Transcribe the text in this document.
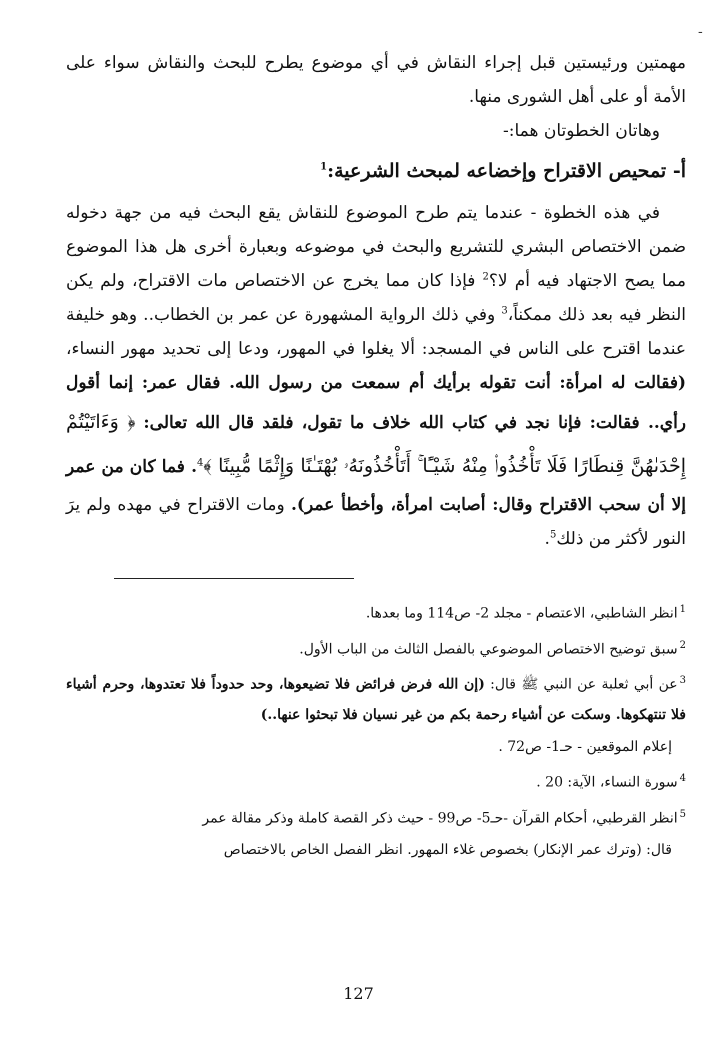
-

مهمتين ورئيستين قبل إجراء النقاش في أي موضوع يطرح للبحث والنقاش سواء على الأمة أو على أهل الشورى منها.

وهاتان الخطوتان هما:-

أ- تمحيص الاقتراح وإخضاعه لمبحث الشرعية:$^1$

في هذه الخطوة - عندما يتم طرح الموضوع للنقاش يقع البحث فيه من جهة دخوله ضمن الاختصاص البشري للتشريع والبحث في موضوعه وبعبارة أخرى هل هذا الموضوع مما يصح الاجتهاد فيه أم لا؟$^2$ فإذا كان مما يخرج عن الاختصاص مات الاقتراح، ولم يكن النظر فيه بعد ذلك ممكناً،$^3$ وفي ذلك الرواية المشهورة عن عمر بن الخطاب.. وهو خليفة عندما اقترح على الناس في المسجد: ألا يغلوا في المهور، ودعا إلى تحديد مهور النساء، (فقالت له امرأة: أنت تقوله برأيك أم سمعت من رسول الله. فقال عمر: إنما أقول رأي.. فقالت: فإنا نجد في كتاب الله خلاف ما تقول، فلقد قال الله تعالى: ﴿ وَءَاتَيْتُمْ إِحْدَىٰهُنَّ قِنطَارًا فَلَا تَأْخُذُوا۟ مِنْهُ شَيْـًٔا ۚ أَتَأْخُذُونَهُۥ بُهْتَـٰنًا وَإِثْمًا مُّبِينًا ﴾$^4$. فما كان من عمر إلا أن سحب الاقتراح وقال: أصابت امرأة، وأخطأ عمر). ومات الاقتراح في مهده ولم يرَ النور لأكثر من ذلك$^5$.

$^1$انظر الشاطبي، الاعتصام - مجلد 2- ص114 وما بعدها.

$^2$سبق توضيح الاختصاص الموضوعي بالفصل الثالث من الباب الأول.

$^3$عن أبي ثعلبة عن النبي ﷺ قال: (إن الله فرض فرائض فلا تضيعوها، وحد حدوداً فلا تعتدوها، وحرم أشياء فلا تنتهكوها. وسكت عن أشياء رحمة بكم من غير نسيان فلا تبحثوا عنها..)

إعلام الموقعين - حـ1- ص72 .

$^4$سورة النساء، الآية: 20 .

$^5$انظر القرطبي، أحكام القرآن -حـ5- ص99 - حيث ذكر القصة كاملة وذكر مقالة عمر

قال: (وترك عمر الإنكار) بخصوص غلاء المهور. انظر الفصل الخاص بالاختصاص

127
